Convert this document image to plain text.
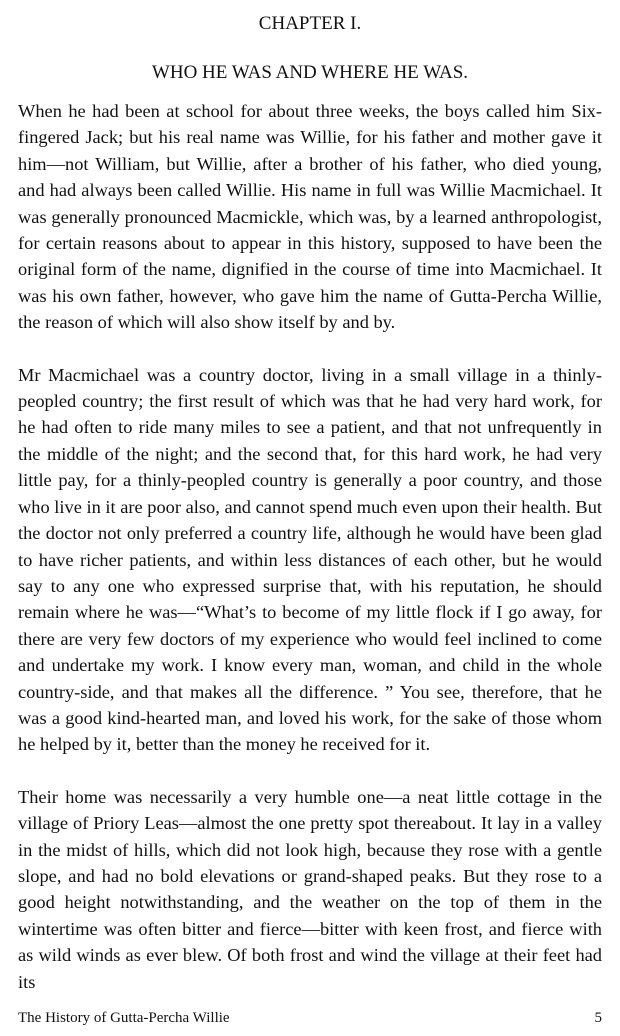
CHAPTER I.
WHO HE WAS AND WHERE HE WAS.

When he had been at school for about three weeks, the boys called him Six-fingered Jack; but his real name was Willie, for his father and mother gave it him—not William, but Willie, after a brother of his father, who died young, and had always been called Willie. His name in full was Willie Macmichael. It was generally pronounced Macmickle, which was, by a learned anthropologist, for certain reasons about to appear in this history, supposed to have been the original form of the name, dignified in the course of time into Macmichael. It was his own father, however, who gave him the name of Gutta-Percha Willie, the reason of which will also show itself by and by.

Mr Macmichael was a country doctor, living in a small village in a thinly-peopled country; the first result of which was that he had very hard work, for he had often to ride many miles to see a patient, and that not unfrequently in the middle of the night; and the second that, for this hard work, he had very little pay, for a thinly-peopled country is generally a poor country, and those who live in it are poor also, and cannot spend much even upon their health. But the doctor not only preferred a country life, although he would have been glad to have richer patients, and within less distances of each other, but he would say to any one who expressed surprise that, with his reputation, he should remain where he was—“What’s to become of my little flock if I go away, for there are very few doctors of my experience who would feel inclined to come and undertake my work. I know every man, woman, and child in the whole country-side, and that makes all the difference. ” You see, therefore, that he was a good kind-hearted man, and loved his work, for the sake of those whom he helped by it, better than the money he received for it.

Their home was necessarily a very humble one—a neat little cottage in the village of Priory Leas—almost the one pretty spot thereabout. It lay in a valley in the midst of hills, which did not look high, because they rose with a gentle slope, and had no bold elevations or grand-shaped peaks. But they rose to a good height notwithstanding, and the weather on the top of them in the wintertime was often bitter and fierce—bitter with keen frost, and fierce with as wild winds as ever blew. Of both frost and wind the village at their feet had its

The History of Gutta-Percha Willie	5
